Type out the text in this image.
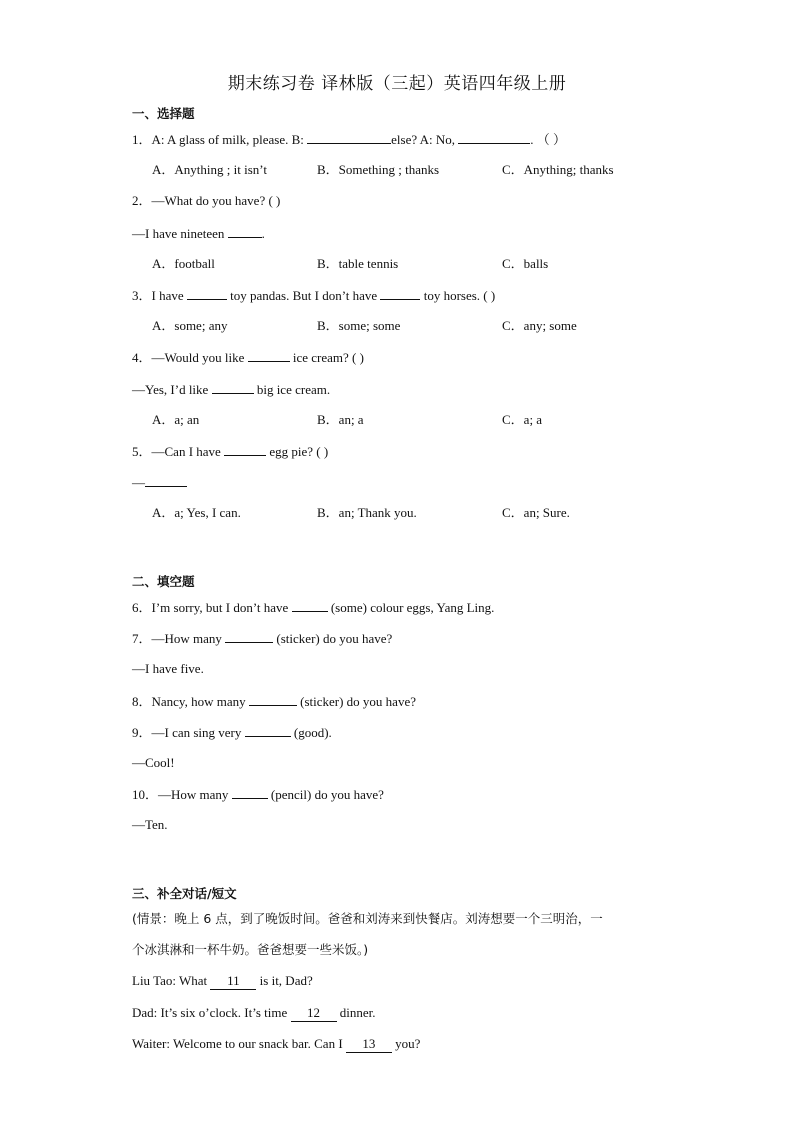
期末练习卷 译林版（三起）英语四年级上册
一、选择题
1．A: A glass of milk, please. B:	else? A: No,	. （ ）
A．Anything ; it isn’t	B．Something ; thanks	C．Anything; thanks
2．—What do you have? ( )
—I have nineteen	.
A．football	B．table tennis	C．balls
3．I have	toy pandas. But I don’t have	toy horses. ( )
A．some; any	B．some; some	C．any; some
4．—Would you like	ice cream? ( )
—Yes, I’d like	big ice cream.
A．a; an	B．an; a	C．a; a
5．—Can I have	egg pie? ( )
—
A．a; Yes, I can.	B．an; Thank you.	C．an; Sure.
二、填空题
6．I’m sorry, but I don’t have	(some) colour eggs, Yang Ling.
7．—How many	(sticker) do you have?
—I have five.
8．Nancy, how many	(sticker) do you have?
9．—I can sing very	(good).
—Cool!
10．—How many	(pencil) do you have?
—Ten.
三、补全对话/短文
(情景：晚上 6 点，到了晚饭时间。爸爸和刘涛来到快餐店。刘涛想要一个三明治，一
个冰淇淋和一杯牛奶。爸爸想要一些米饭。)
Liu Tao: What 11 is it, Dad?
Dad: It’s six o’clock. It’s time 12 dinner.
Waiter: Welcome to our snack bar. Can I 13 you?
